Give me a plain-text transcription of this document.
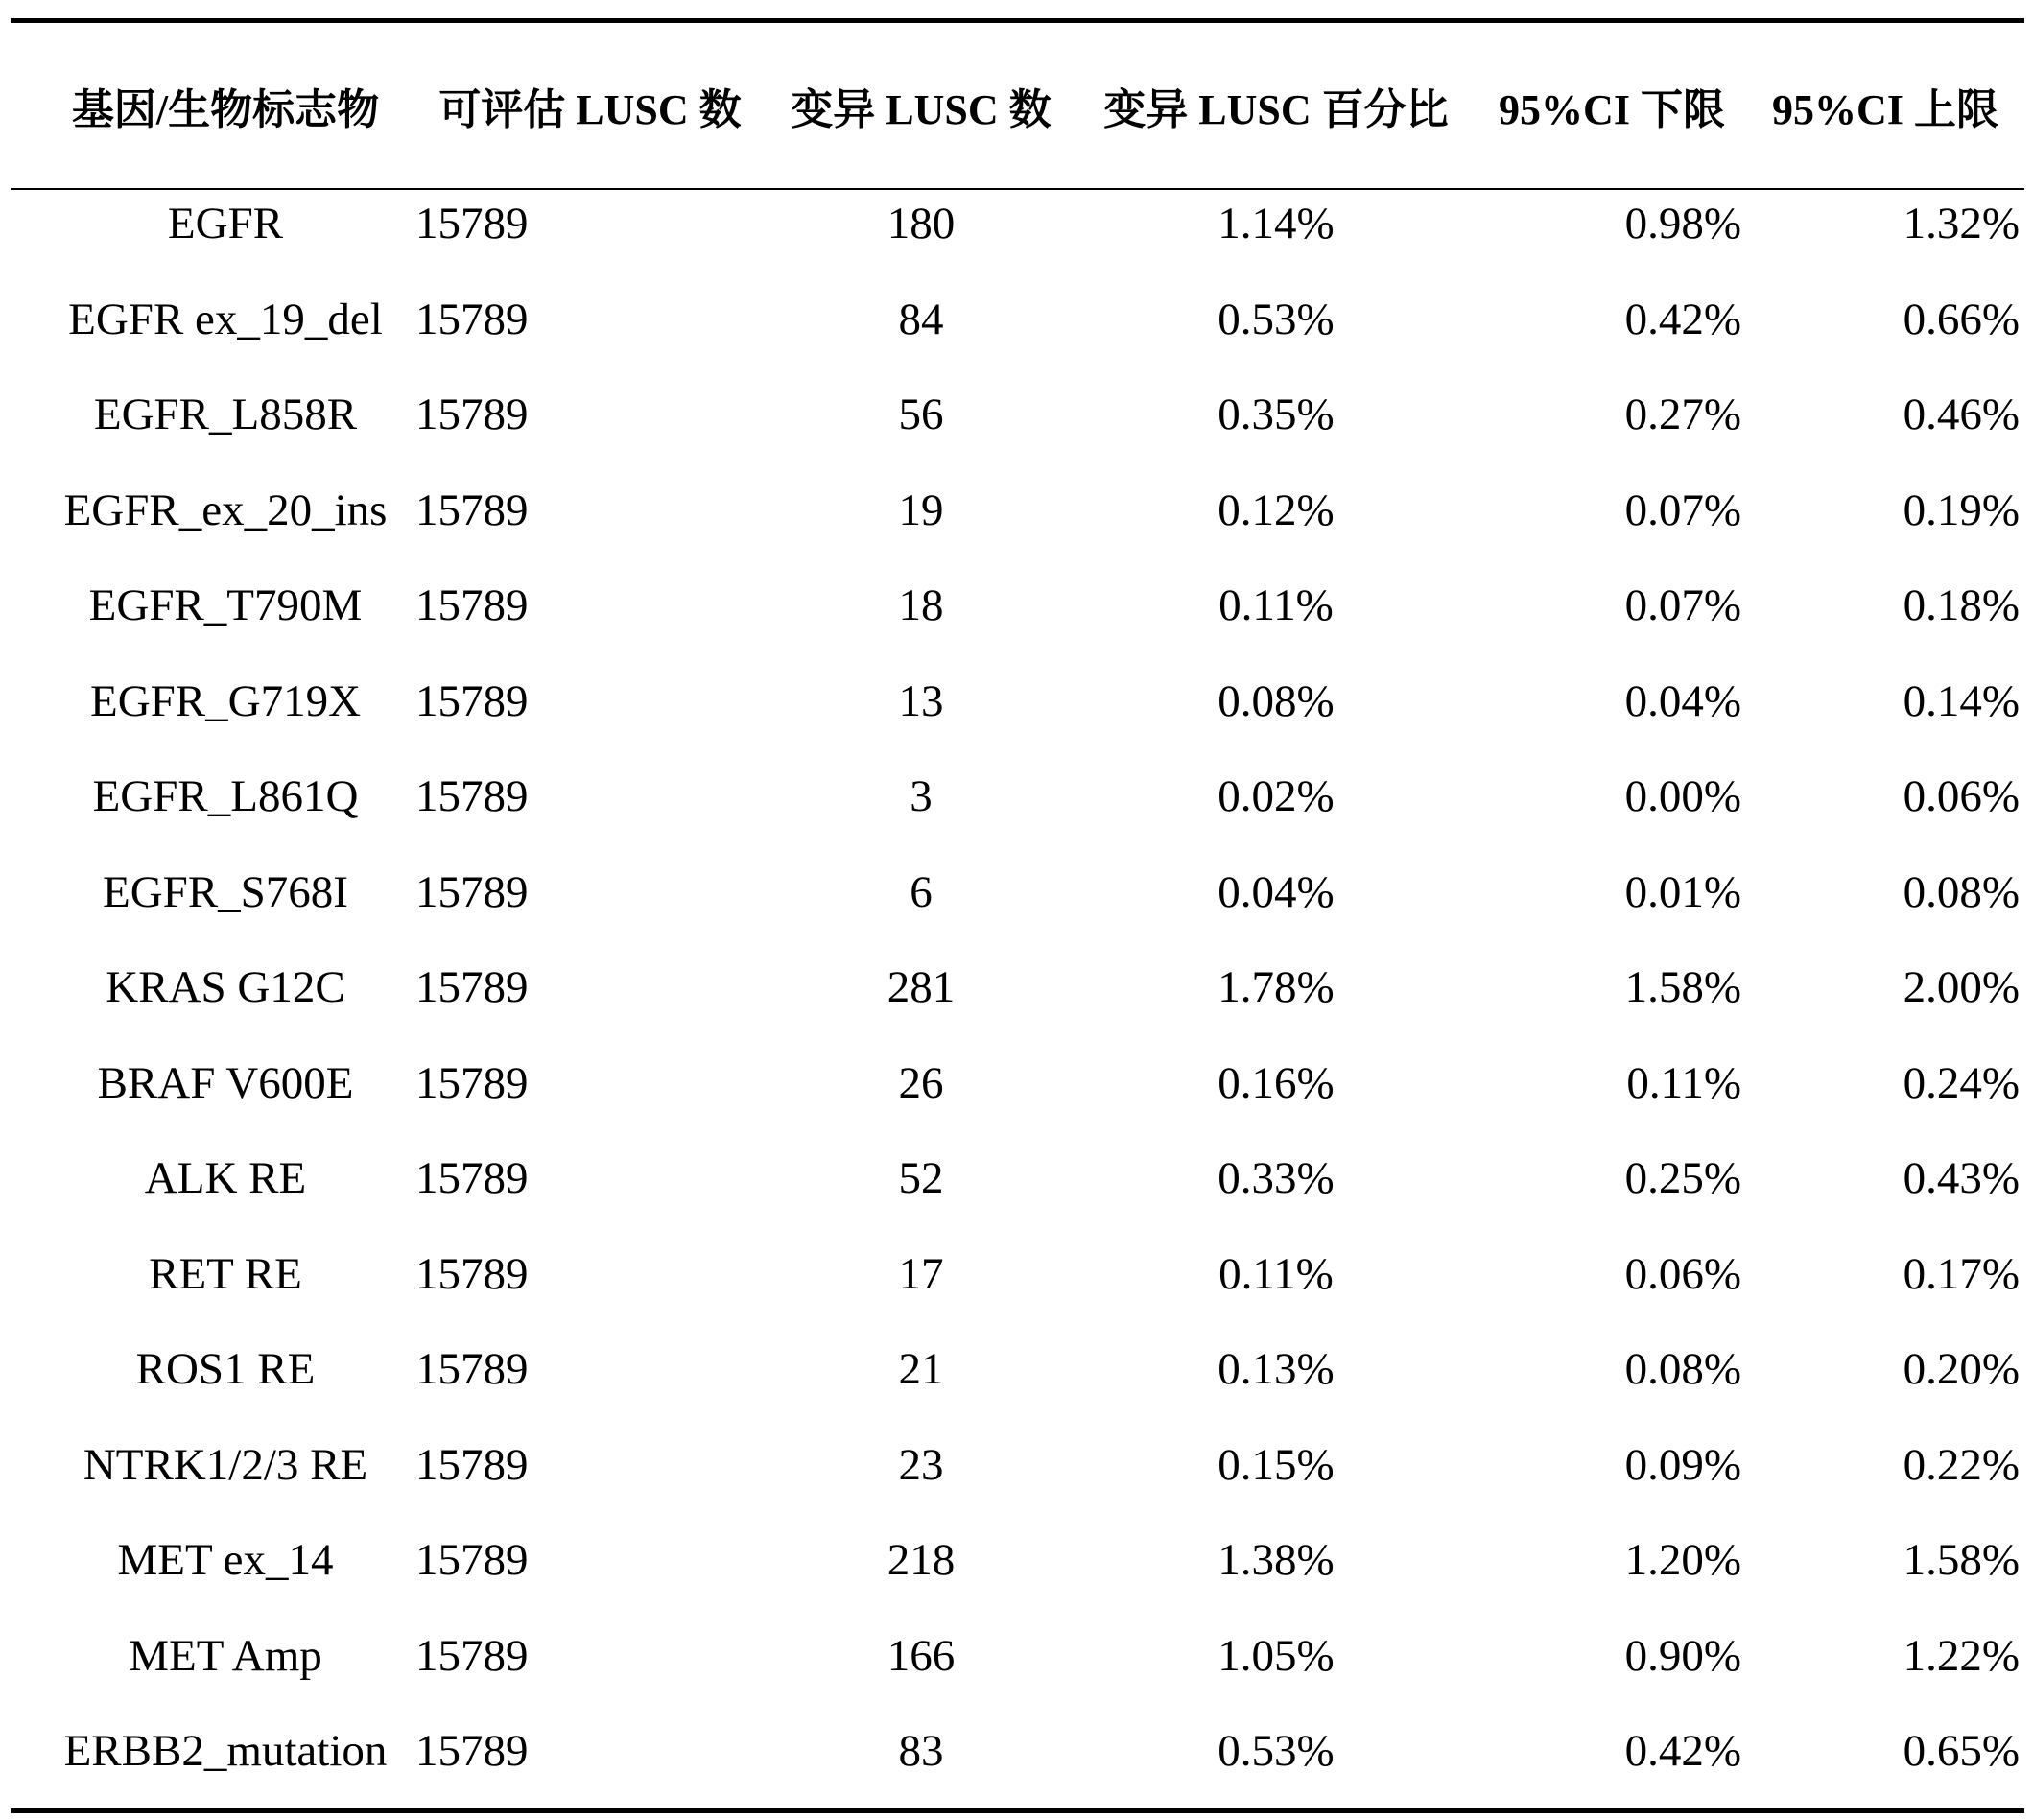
基因/生物标志物	可评估 LUSC 数	变异 LUSC 数	变异 LUSC 百分比	95%CI 下限	95%CI 上限
EGFR	15789	180	1.14%	0.98%	1.32%
EGFR ex_19_del 15789	84	0.53%	0.42%	0.66%
EGFR_L858R	15789	56	0.35%	0.27%	0.46%
EGFR_ex_20_ins 15789	19	0.12%	0.07%	0.19%
EGFR_T790M	15789	18	0.11%	0.07%	0.18%
EGFR_G719X	15789	13	0.08%	0.04%	0.14%
EGFR_L861Q	15789	3	0.02%	0.00%	0.06%
EGFR_S768I	15789	6	0.04%	0.01%	0.08%
KRAS G12C	15789	281	1.78%	1.58%	2.00%
BRAF V600E	15789	26	0.16%	0.11%	0.24%
ALK RE	15789	52	0.33%	0.25%	0.43%
RET RE	15789	17	0.11%	0.06%	0.17%
ROS1 RE	15789	21	0.13%	0.08%	0.20%
NTRK1/2/3 RE	15789	23	0.15%	0.09%	0.22%
MET ex_14	15789	218	1.38%	1.20%	1.58%
MET Amp	15789	166	1.05%	0.90%	1.22%
ERBB2_mutation 15789	83	0.53%	0.42%	0.65%
